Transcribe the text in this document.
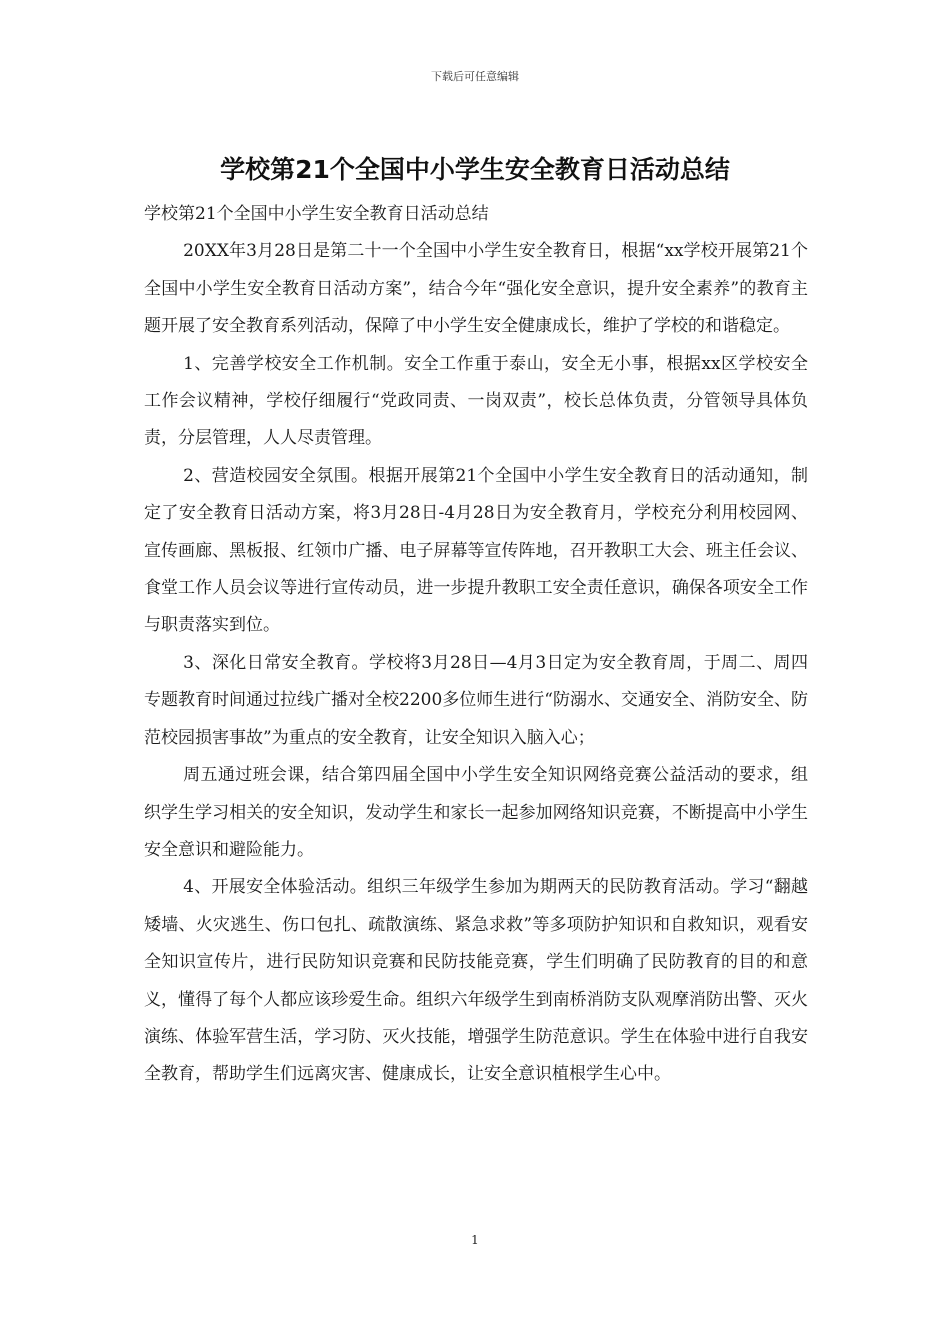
下载后可任意编辑
学校第21个全国中小学生安全教育日活动总结

学校第21个全国中小学生安全教育日活动总结

20XX年3月28日是第二十一个全国中小学生安全教育日，根据“xx学校开展第21个全国中小学生安全教育日活动方案”，结合今年“强化安全意识，提升安全素养”的教育主题开展了安全教育系列活动，保障了中小学生安全健康成长，维护了学校的和谐稳定。

1、完善学校安全工作机制。安全工作重于泰山，安全无小事，根据xx区学校安全工作会议精神，学校仔细履行“党政同责、一岗双责”，校长总体负责，分管领导具体负责，分层管理，人人尽责管理。

2、营造校园安全氛围。根据开展第21个全国中小学生安全教育日的活动通知，制定了安全教育日活动方案，将3月28日-4月28日为安全教育月，学校充分利用校园网、宣传画廊、黑板报、红领巾广播、电子屏幕等宣传阵地，召开教职工大会、班主任会议、食堂工作人员会议等进行宣传动员，进一步提升教职工安全责任意识，确保各项安全工作与职责落实到位。

3、深化日常安全教育。学校将3月28日—4月3日定为安全教育周，于周二、周四专题教育时间通过拉线广播对全校2200多位师生进行“防溺水、交通安全、消防安全、防范校园损害事故”为重点的安全教育，让安全知识入脑入心；

周五通过班会课，结合第四届全国中小学生安全知识网络竞赛公益活动的要求，组织学生学习相关的安全知识，发动学生和家长一起参加网络知识竞赛，不断提高中小学生安全意识和避险能力。

4、开展安全体验活动。组织三年级学生参加为期两天的民防教育活动。学习“翻越矮墙、火灾逃生、伤口包扎、疏散演练、紧急求救”等多项防护知识和自救知识，观看安全知识宣传片，进行民防知识竞赛和民防技能竞赛，学生们明确了民防教育的目的和意义，懂得了每个人都应该珍爱生命。组织六年级学生到南桥消防支队观摩消防出警、灭火演练、体验军营生活，学习防、灭火技能，增强学生防范意识。学生在体验中进行自我安全教育，帮助学生们远离灾害、健康成长，让安全意识植根学生心中。

1
